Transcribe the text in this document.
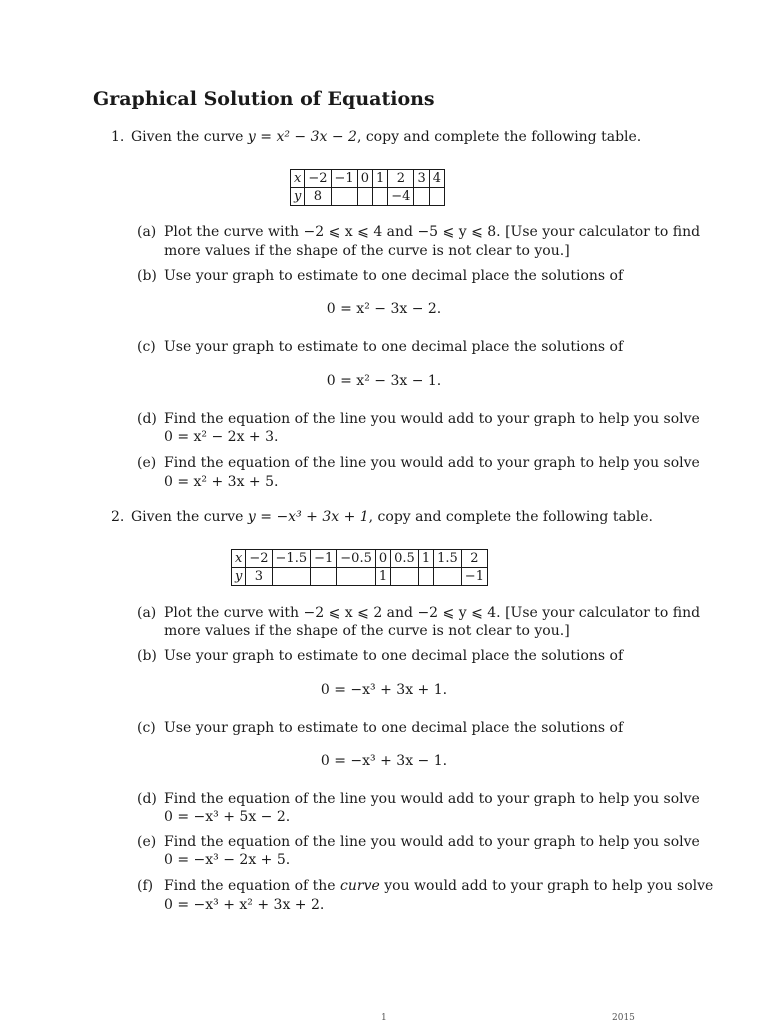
Graphical Solution of Equations
1. Given the curve y = x² − 3x − 2, copy and complete the following table.
x	−2	−1	0	1	2	3	4
y	8				−4		
(a) Plot the curve with −2 ⩽ x ⩽ 4 and −5 ⩽ y ⩽ 8. [Use your calculator to find
more values if the shape of the curve is not clear to you.]
(b) Use your graph to estimate to one decimal place the solutions of
0 = x² − 3x − 2.
(c) Use your graph to estimate to one decimal place the solutions of
0 = x² − 3x − 1.
(d) Find the equation of the line you would add to your graph to help you solve
0 = x² − 2x + 3.
(e) Find the equation of the line you would add to your graph to help you solve
0 = x² + 3x + 5.
2. Given the curve y = −x³ + 3x + 1, copy and complete the following table.
x	−2	−1.5	−1	−0.5	0	0.5	1	1.5	2
y	3				1				−1
(a) Plot the curve with −2 ⩽ x ⩽ 2 and −2 ⩽ y ⩽ 4. [Use your calculator to find
more values if the shape of the curve is not clear to you.]
(b) Use your graph to estimate to one decimal place the solutions of
0 = −x³ + 3x + 1.
(c) Use your graph to estimate to one decimal place the solutions of
0 = −x³ + 3x − 1.
(d) Find the equation of the line you would add to your graph to help you solve
0 = −x³ + 5x − 2.
(e) Find the equation of the line you would add to your graph to help you solve
0 = −x³ − 2x + 5.
(f) Find the equation of the curve you would add to your graph to help you solve
0 = −x³ + x² + 3x + 2.
1	2015
